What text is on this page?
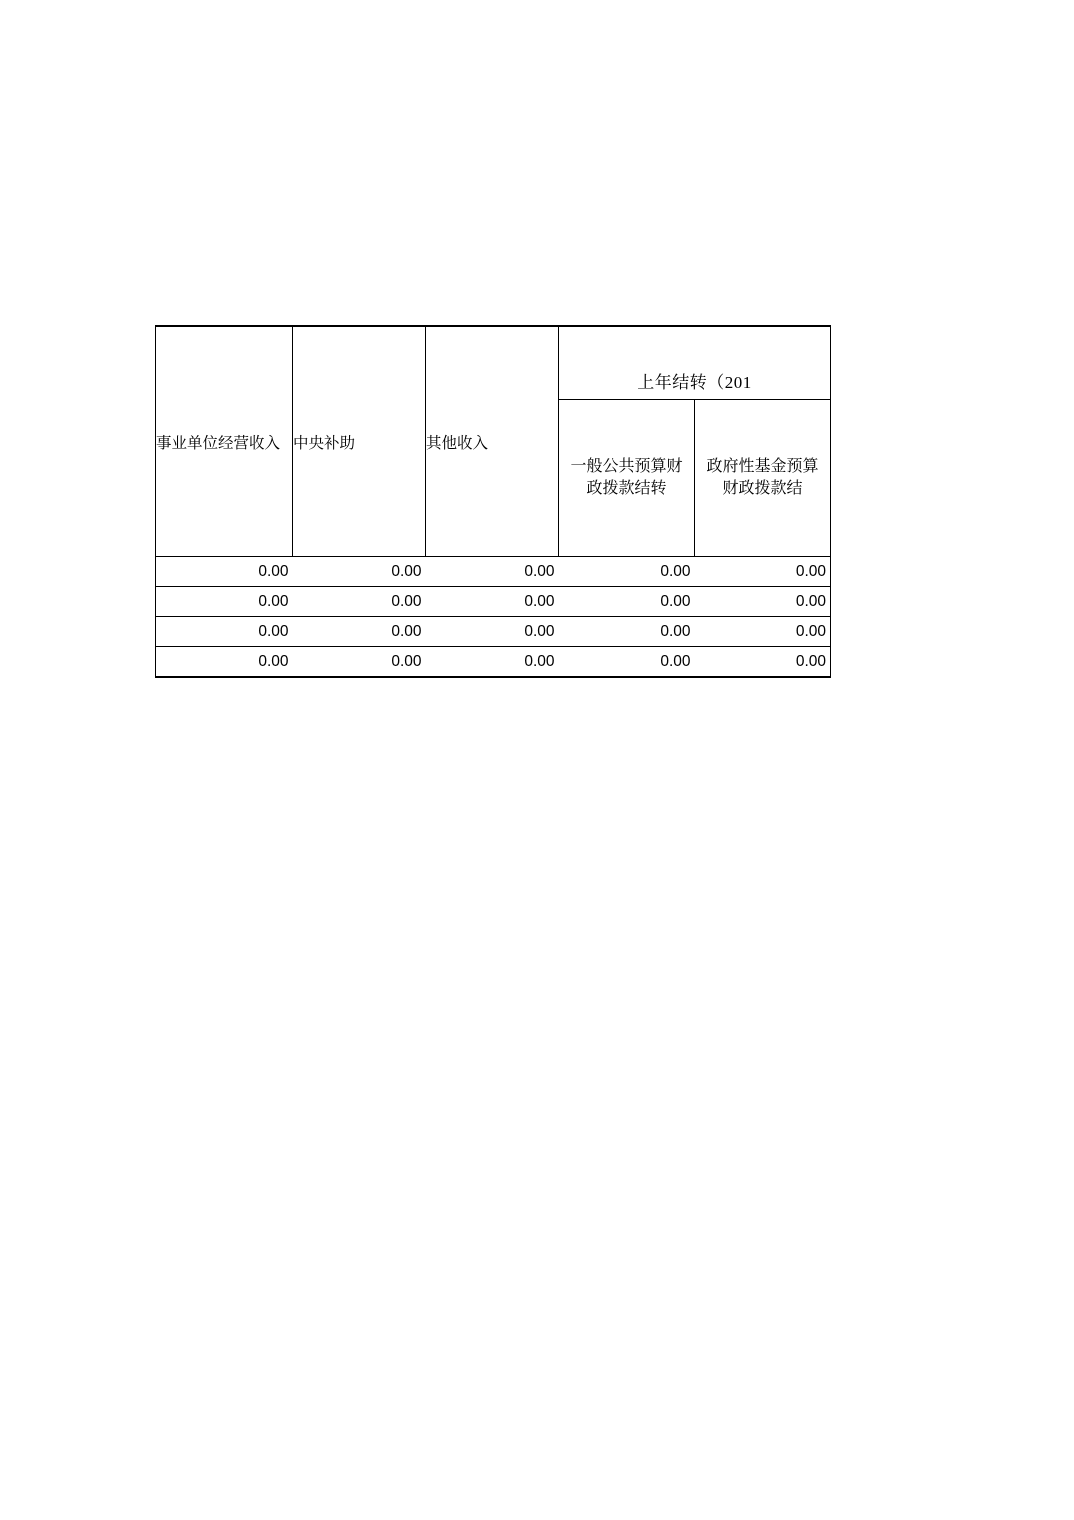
事业单位经营收入	中央补助	其他收入	上年结转（201	

			一般公共预算财政拨款结转	政府性基金预算财政拨款结

0.00	0.00	0.00	0.00	0.00
0.00	0.00	0.00	0.00	0.00
0.00	0.00	0.00	0.00	0.00
0.00	0.00	0.00	0.00	0.00
